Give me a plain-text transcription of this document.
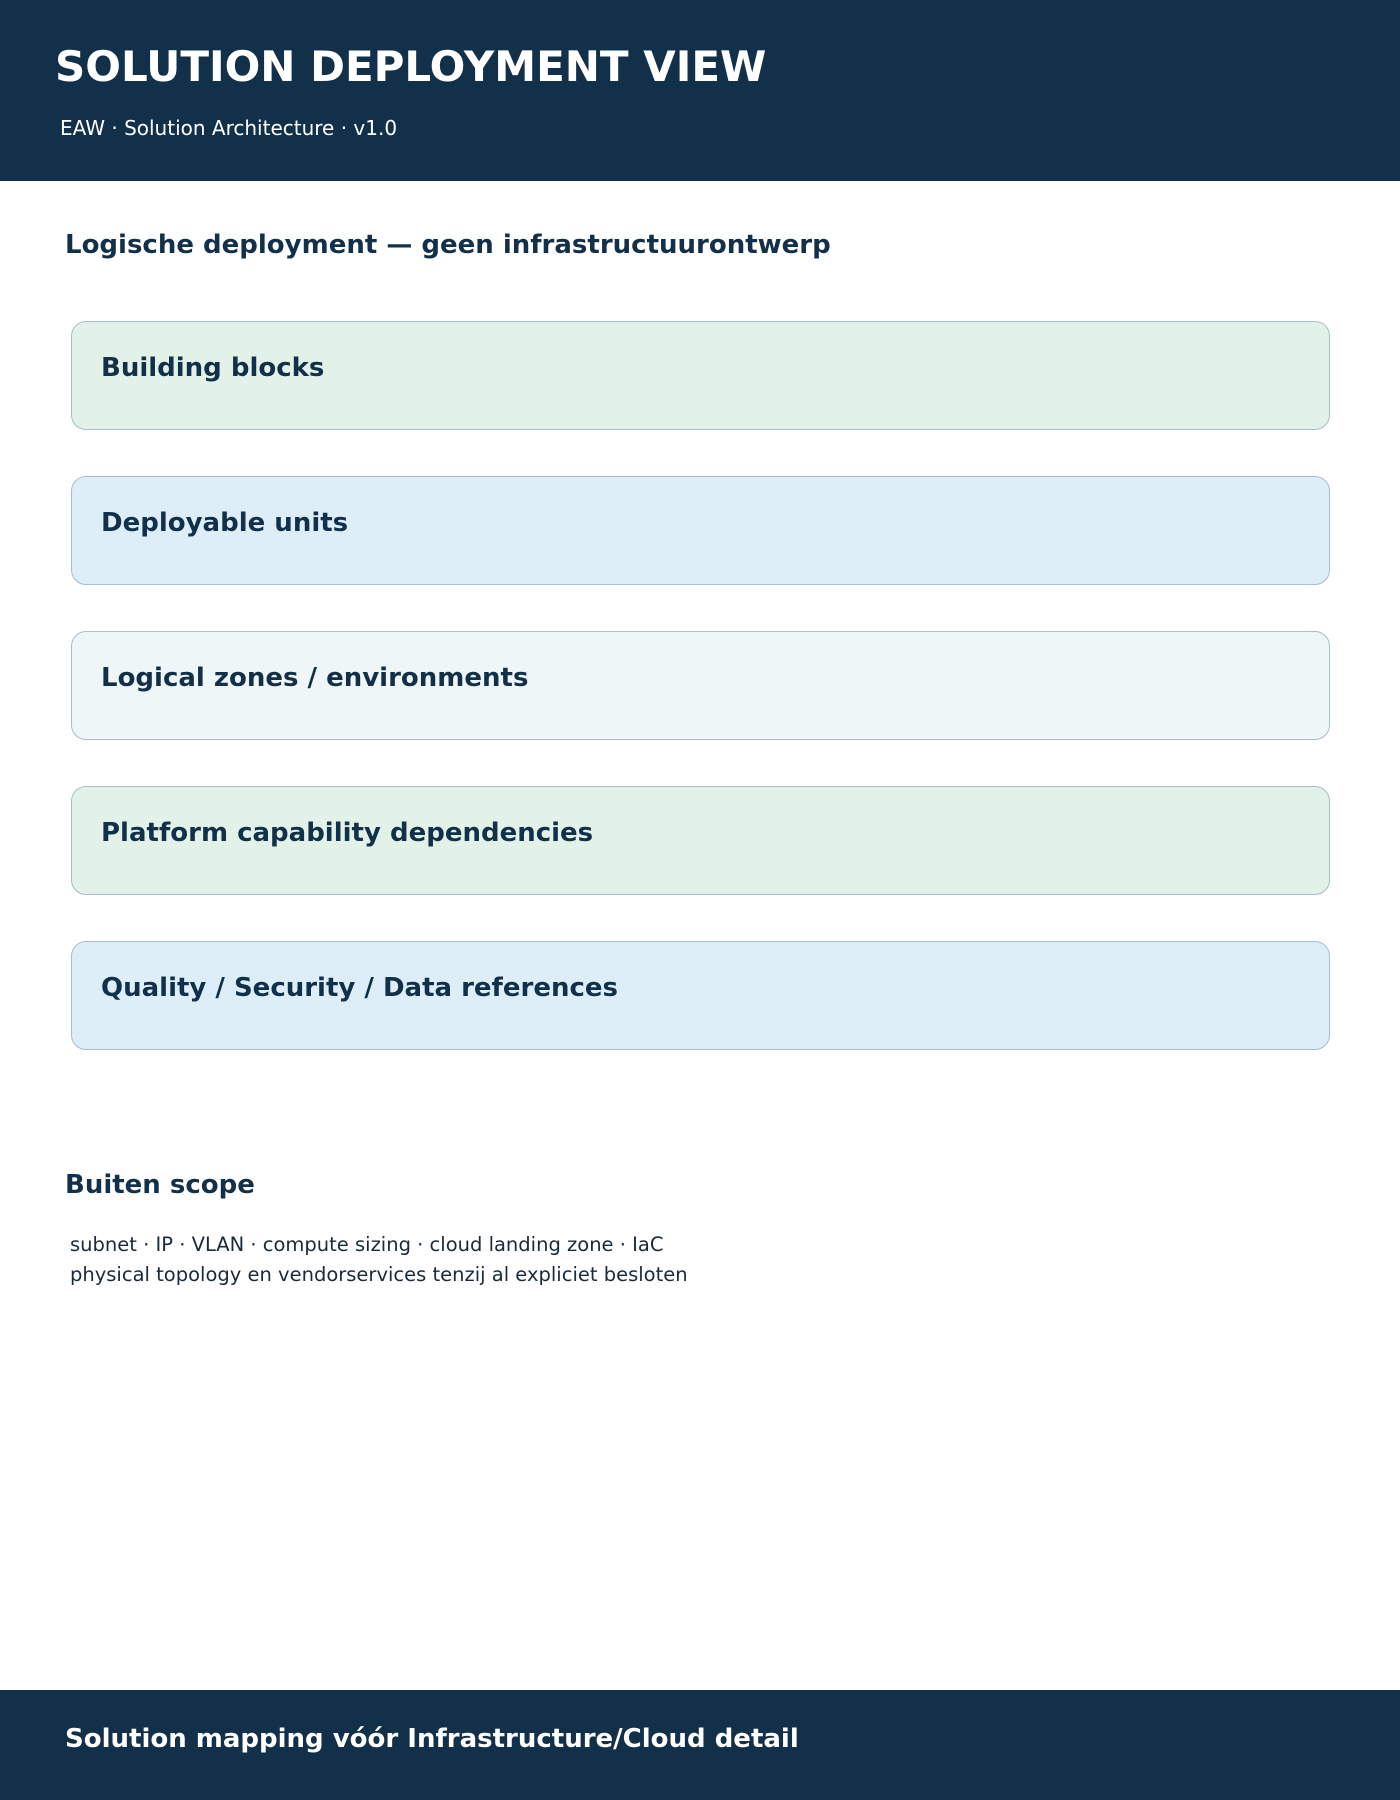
SOLUTION DEPLOYMENT VIEW
EAW · Solution Architecture · v1.0
Logische deployment — geen infrastructuurontwerp
Building blocks
Deployable units
Logical zones / environments
Platform capability dependencies
Quality / Security / Data references
Buiten scope
subnet · IP · VLAN · compute sizing · cloud landing zone · IaC
physical topology en vendorservices tenzij al expliciet besloten
Solution mapping vóór Infrastructure/Cloud detail
